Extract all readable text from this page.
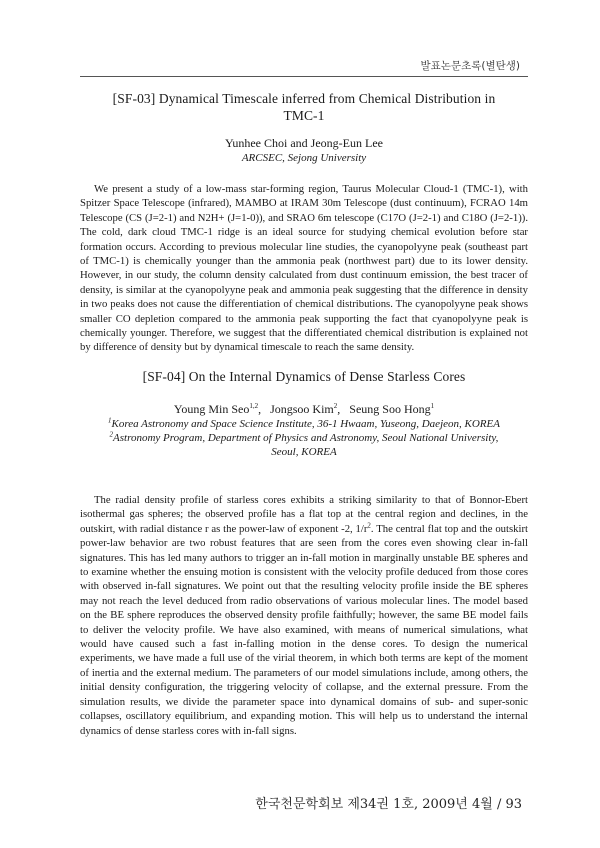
발표논문초록(별탄생)
[SF-03] Dynamical Timescale inferred from Chemical Distribution in
TMC-1
Yunhee Choi and Jeong-Eun Lee
ARCSEC, Sejong University

We present a study of a low-mass star-forming region, Taurus Molecular Cloud-1 (TMC-1), with Spitzer Space Telescope (infrared), MAMBO at IRAM 30m Telescope (dust continuum), FCRAO 14m Telescope (CS (J=2-1) and N2H+ (J=1-0)), and SRAO 6m telescope (C17O (J=2-1) and C18O (J=2-1)). The cold, dark cloud TMC-1 ridge is an ideal source for studying chemical evolution before star formation occurs. According to previous molecular line studies, the cyanopolyyne peak (southeast part of TMC-1) is chemically younger than the ammonia peak (northwest part) due to its lower density. However, in our study, the column density calculated from dust continuum emission, the best tracer of density, is similar at the cyanopolyyne peak and ammonia peak suggesting that the difference in density in two peaks does not cause the differentiation of chemical distributions. The cyanopolyyne peak shows smaller CO depletion compared to the ammonia peak supporting the fact that cyanopolyyne peak is chemically younger. Therefore, we suggest that the differentiated chemical distribution is explained not by difference of density but by dynamical timescale to reach the same density.

[SF-04] On the Internal Dynamics of Dense Starless Cores
Young Min Seo$^{1,2}$,   Jongsoo Kim$^2$,   Seung Soo Hong$^1$
$^1$Korea Astronomy and Space Science Institute, 36-1 Hwaam, Yuseong, Daejeon, KOREA
$^2$Astronomy Program, Department of Physics and Astronomy, Seoul National University,
Seoul, KOREA

The radial density profile of starless cores exhibits a striking similarity to that of Bonnor-Ebert isothermal gas spheres; the observed profile has a flat top at the central region and declines, in the outskirt, with radial distance r as the power-law of exponent -2, $1/r^2$. The central flat top and the outskirt power-law behavior are two robust features that are seen from the cores even showing clear in-fall signatures. This has led many authors to trigger an in-fall motion in marginally unstable BE spheres and to examine whether the ensuing motion is consistent with the velocity profile deduced from those cores with observed in-fall signatures. We point out that the resulting velocity profile inside the BE spheres may not reach the level deduced from radio observations of various molecular lines. The model based on the BE sphere reproduces the observed density profile faithfully; however, the same BE model fails to deliver the velocity profile. We have also examined, with means of numerical simulations, what would have caused such a fast in-falling motion in the dense cores. To design the numerical experiments, we have made a full use of the virial theorem, in which both terms are kept of the moment of inertia and the external medium. The parameters of our model simulations include, among others, the initial density configuration, the triggering velocity of collapse, and the external pressure. From the simulation results, we divide the parameter space into dynamical domains of sub- and super-sonic collapses, oscillatory equilibrium, and expanding motion. This will help us to understand the internal dynamics of dense starless cores with in-fall signs.

한국천문학회보 제34권 1호, 2009년 4월 / 93
